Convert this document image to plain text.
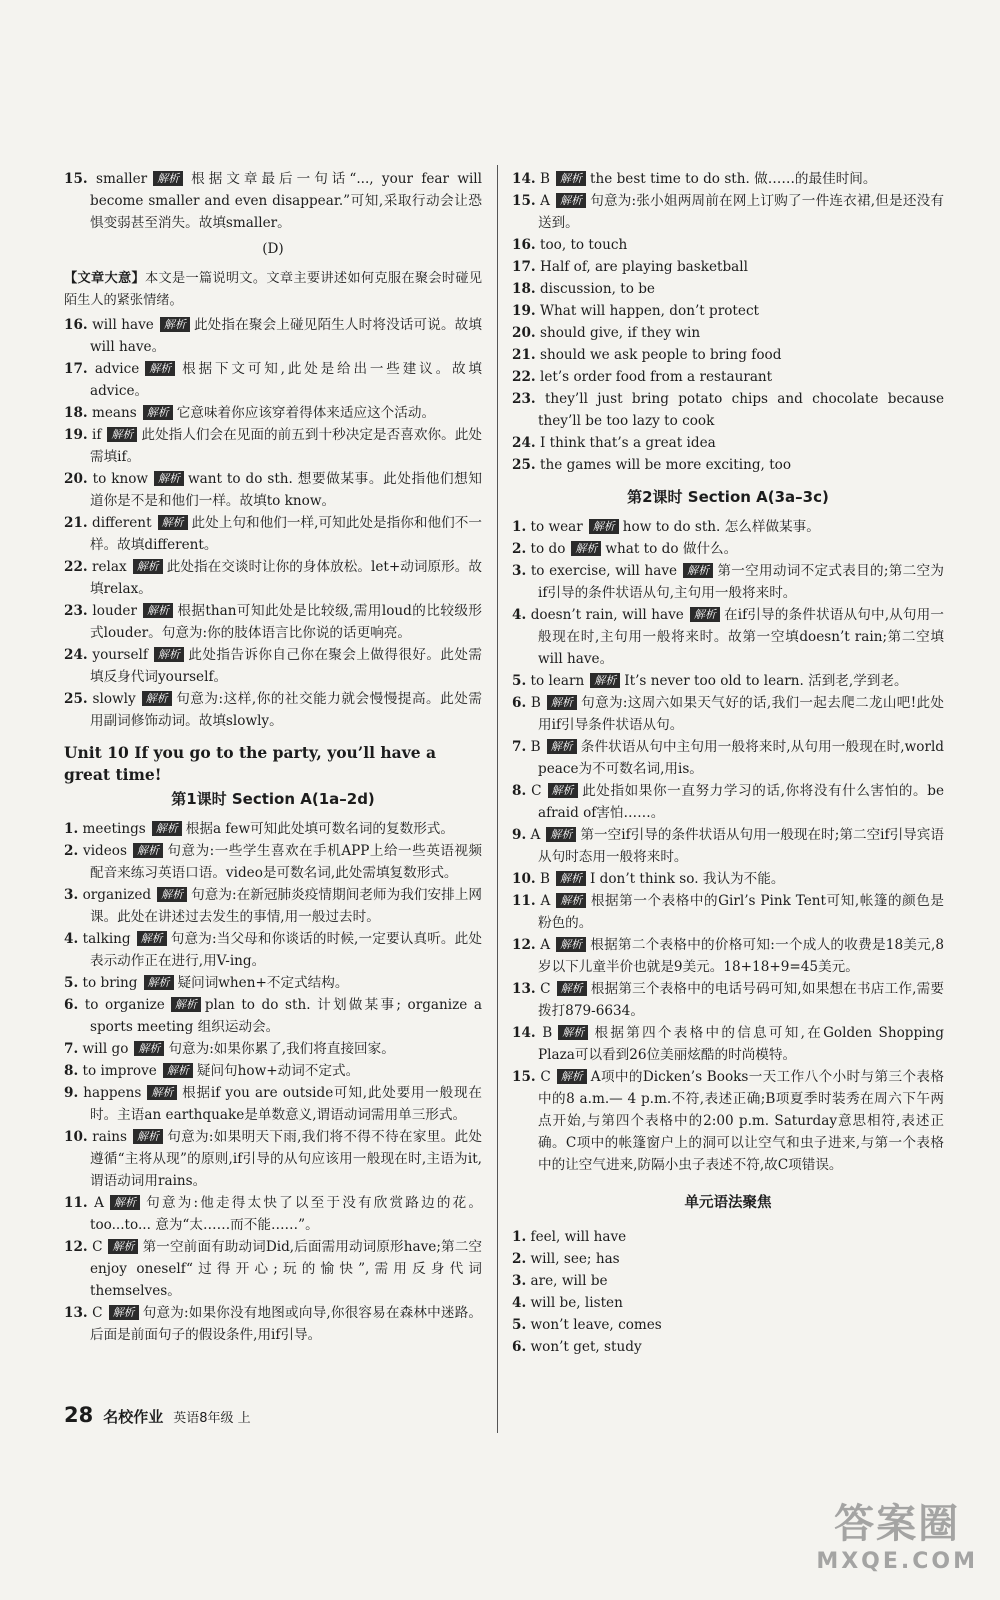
15. smaller 解析 根据文章最后一句话“..., your fear will become smaller and even disappear.”可知,采取行动会让恐惧变弱甚至消失。故填smaller。

(D)

【文章大意】本文是一篇说明文。文章主要讲述如何克服在聚会时碰见陌生人的紧张情绪。

16. will have 解析 此处指在聚会上碰见陌生人时将没话可说。故填will have。

17. advice 解析 根据下文可知,此处是给出一些建议。故填advice。

18. means 解析 它意味着你应该穿着得体来适应这个活动。

19. if 解析 此处指人们会在见面的前五到十秒决定是否喜欢你。此处需填if。

20. to know 解析 want to do sth. 想要做某事。此处指他们想知道你是不是和他们一样。故填to know。

21. different 解析 此处上句和他们一样,可知此处是指你和他们不一样。故填different。

22. relax 解析 此处指在交谈时让你的身体放松。let+动词原形。故填relax。

23. louder 解析 根据than可知此处是比较级,需用loud的比较级形式louder。句意为:你的肢体语言比你说的话更响亮。

24. yourself 解析 此处指告诉你自己你在聚会上做得很好。此处需填反身代词yourself。

25. slowly 解析 句意为:这样,你的社交能力就会慢慢提高。此处需用副词修饰动词。故填slowly。

Unit 10 If you go to the party, you’ll have a great time!
第1课时 Section A(1a–2d)

1. meetings 解析 根据a few可知此处填可数名词的复数形式。

2. videos 解析 句意为:一些学生喜欢在手机APP上给一些英语视频配音来练习英语口语。video是可数名词,此处需填复数形式。

3. organized 解析 句意为:在新冠肺炎疫情期间老师为我们安排上网课。此处在讲述过去发生的事情,用一般过去时。

4. talking 解析 句意为:当父母和你谈话的时候,一定要认真听。此处表示动作正在进行,用V-ing。

5. to bring 解析 疑问词when+不定式结构。

6. to organize 解析 plan to do sth. 计划做某事; organize a sports meeting 组织运动会。

7. will go 解析 句意为:如果你累了,我们将直接回家。

8. to improve 解析 疑问句how+动词不定式。

9. happens 解析 根据if you are outside可知,此处要用一般现在时。主语an earthquake是单数意义,谓语动词需用单三形式。

10. rains 解析 句意为:如果明天下雨,我们将不得不待在家里。此处遵循“主将从现”的原则,if引导的从句应该用一般现在时,主语为it,谓语动词用rains。

11. A 解析 句意为:他走得太快了以至于没有欣赏路边的花。too...to... 意为“太……而不能……”。

12. C 解析 第一空前面有助动词Did,后面需用动词原形have;第二空enjoy oneself“过得开心;玩的愉快”,需用反身代词themselves。

13. C 解析 句意为:如果你没有地图或向导,你很容易在森林中迷路。后面是前面句子的假设条件,用if引导。

14. B 解析 the best time to do sth. 做……的最佳时间。

15. A 解析 句意为:张小姐两周前在网上订购了一件连衣裙,但是还没有送到。

16. too, to touch

17. Half of, are playing basketball

18. discussion, to be

19. What will happen, don’t protect

20. should give, if they win

21. should we ask people to bring food

22. let’s order food from a restaurant

23. they’ll just bring potato chips and chocolate because they’ll be too lazy to cook

24. I think that’s a great idea

25. the games will be more exciting, too

第2课时 Section A(3a–3c)

1. to wear 解析 how to do sth. 怎么样做某事。

2. to do 解析 what to do 做什么。

3. to exercise, will have 解析 第一空用动词不定式表目的;第二空为if引导的条件状语从句,主句用一般将来时。

4. doesn’t rain, will have 解析 在if引导的条件状语从句中,从句用一般现在时,主句用一般将来时。故第一空填doesn’t rain;第二空填will have。

5. to learn 解析 It’s never too old to learn. 活到老,学到老。

6. B 解析 句意为:这周六如果天气好的话,我们一起去爬二龙山吧!此处用if引导条件状语从句。

7. B 解析 条件状语从句中主句用一般将来时,从句用一般现在时,world peace为不可数名词,用is。

8. C 解析 此处指如果你一直努力学习的话,你将没有什么害怕的。be afraid of害怕……。

9. A 解析 第一空if引导的条件状语从句用一般现在时;第二空if引导宾语从句时态用一般将来时。

10. B 解析 I don’t think so. 我认为不能。

11. A 解析 根据第一个表格中的Girl’s Pink Tent可知,帐篷的颜色是粉色的。

12. A 解析 根据第二个表格中的价格可知:一个成人的收费是18美元,8岁以下儿童半价也就是9美元。18+18+9=45美元。

13. C 解析 根据第三个表格中的电话号码可知,如果想在书店工作,需要拨打879-6634。

14. B 解析 根据第四个表格中的信息可知,在Golden Shopping Plaza可以看到26位美丽炫酷的时尚模特。

15. C 解析 A项中的Dicken’s Books一天工作八个小时与第三个表格中的8 a.m.— 4 p.m.不符,表述正确;B项夏季时装秀在周六下午两点开始,与第四个表格中的2:00 p.m. Saturday意思相符,表述正确。C项中的帐篷窗户上的洞可以让空气和虫子进来,与第一个表格中的让空气进来,防隔小虫子表述不符,故C项错误。

单元语法聚焦

1. feel, will have

2. will, see; has

3. are, will be

4. will be, listen

5. won’t leave, comes

6. won’t get, study

28 名校作业 英语8年级 上
答案圈
MXQE.COM
